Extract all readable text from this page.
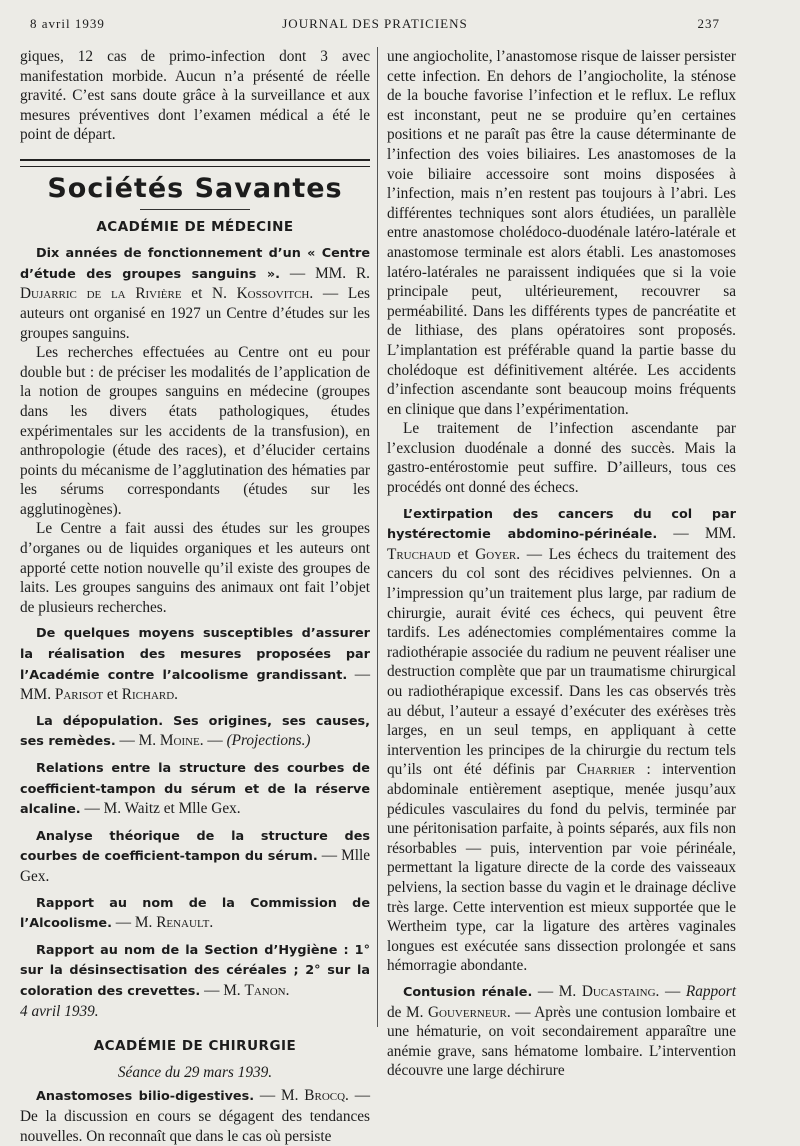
8 avril 1939	JOURNAL DES PRATICIENS	237

giques, 12 cas de primo-infection dont 3 avec manifestation morbide. Aucun n’a présenté de réelle gravité. C’est sans doute grâce à la surveillance et aux mesures préventives dont l’examen médical a été le point de départ.

Sociétés Savantes
ACADÉMIE DE MÉDECINE

Dix années de fonctionnement d’un « Centre d’étude des groupes sanguins ». — MM. R. Dujarric de la Rivière et N. Kossovitch. — Les auteurs ont organisé en 1927 un Centre d’études sur les groupes sanguins.

Les recherches effectuées au Centre ont eu pour double but : de préciser les modalités de l’application de la notion de groupes sanguins en médecine (groupes dans les divers états pathologiques, études expérimentales sur les accidents de la transfusion), en anthropologie (étude des races), et d’élucider certains points du mécanisme de l’agglutination des hématies par les sérums correspondants (études sur les agglutinogènes).

Le Centre a fait aussi des études sur les groupes d’organes ou de liquides organiques et les auteurs ont apporté cette notion nouvelle qu’il existe des groupes de laits. Les groupes sanguins des animaux ont fait l’objet de plusieurs recherches.

De quelques moyens susceptibles d’assurer la réalisation des mesures proposées par l’Académie contre l’alcoolisme grandissant. — MM. Parisot et Richard.

La dépopulation. Ses origines, ses causes, ses remèdes. — M. Moine. — (Projections.)

Relations entre la structure des courbes de coefficient-tampon du sérum et de la réserve alcaline. — M. Waitz et Mlle Gex.

Analyse théorique de la structure des courbes de coefficient-tampon du sérum. — Mlle Gex.

Rapport au nom de la Commission de l’Alcoolisme. — M. Renault.

Rapport au nom de la Section d’Hygiène : 1° sur la désinsectisation des céréales ; 2° sur la coloration des crevettes. — M. Tanon.

4 avril 1939.

ACADÉMIE DE CHIRURGIE
Séance du 29 mars 1939.

Anastomoses bilio-digestives. — M. Brocq. — De la discussion en cours se dégagent des tendances nouvelles. On reconnaît que dans le cas où persiste

une angiocholite, l’anastomose risque de laisser persister cette infection. En dehors de l’angiocholite, la sténose de la bouche favorise l’infection et le reflux. Le reflux est inconstant, peut ne se produire qu’en certaines positions et ne paraît pas être la cause déterminante de l’infection des voies biliaires. Les anastomoses de la voie biliaire accessoire sont moins disposées à l’infection, mais n’en restent pas toujours à l’abri. Les différentes techniques sont alors étudiées, un parallèle entre anastomose cholédoco-duodénale latéro-latérale et anastomose terminale est alors établi. Les anastomoses latéro-latérales ne paraissent indiquées que si la voie principale peut, ultérieurement, recouvrer sa perméabilité. Dans les différents types de pancréatite et de lithiase, des plans opératoires sont proposés. L’implantation est préférable quand la partie basse du cholédoque est définitivement altérée. Les accidents d’infection ascendante sont beaucoup moins fréquents en clinique que dans l’expérimentation.

Le traitement de l’infection ascendante par l’exclusion duodénale a donné des succès. Mais la gastro-entérostomie peut suffire. D’ailleurs, tous ces procédés ont donné des échecs.

L’extirpation des cancers du col par hystérectomie abdomino-périnéale. — MM. Truchaud et Goyer. — Les échecs du traitement des cancers du col sont des récidives pelviennes. On a l’impression qu’un traitement plus large, par radium de chirurgie, aurait évité ces échecs, qui peuvent être tardifs. Les adénectomies complémentaires comme la radiothérapie associée du radium ne peuvent réaliser une destruction complète que par un traumatisme chirurgical ou radiothérapique excessif. Dans les cas observés très au début, l’auteur a essayé d’exécuter des exérèses très larges, en un seul temps, en appliquant à cette intervention les principes de la chirurgie du rectum tels qu’ils ont été définis par Charrier : intervention abdominale entièrement aseptique, menée jusqu’aux pédicules vasculaires du fond du pelvis, terminée par une péritonisation parfaite, à points séparés, aux fils non résorbables — puis, intervention par voie périnéale, permettant la ligature directe de la corde des vaisseaux pelviens, la section basse du vagin et le drainage déclive très large. Cette intervention est mieux supportée que le Wertheim type, car la ligature des artères vaginales longues est exécutée sans dissection prolongée et sans hémorragie abondante.

Contusion rénale. — M. Ducastaing. — Rapport de M. Gouverneur. — Après une contusion lombaire et une hématurie, on voit secondairement apparaître une anémie grave, sans hématome lombaire. L’intervention découvre une large déchirure
